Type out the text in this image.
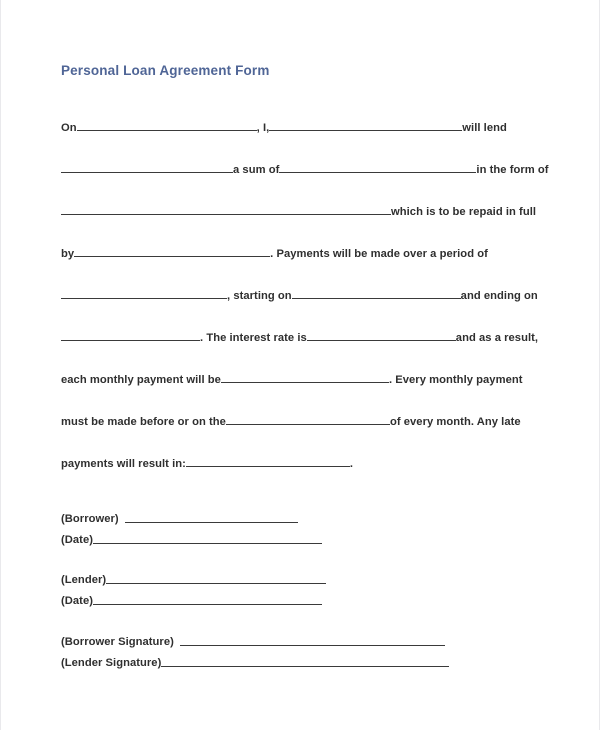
Personal Loan Agreement Form
On	, I,	will lend
a sum of	in the form of
which is to be repaid in full
by	. Payments will be made over a period of
, starting on	and ending on
. The interest rate is	and as a result,
each monthly payment will be	. Every monthly payment
must be made before or on the	of every month. Any late
payments will result in:	.
(Borrower)
(Date)
(Lender)
(Date)
(Borrower Signature)
(Lender Signature)
